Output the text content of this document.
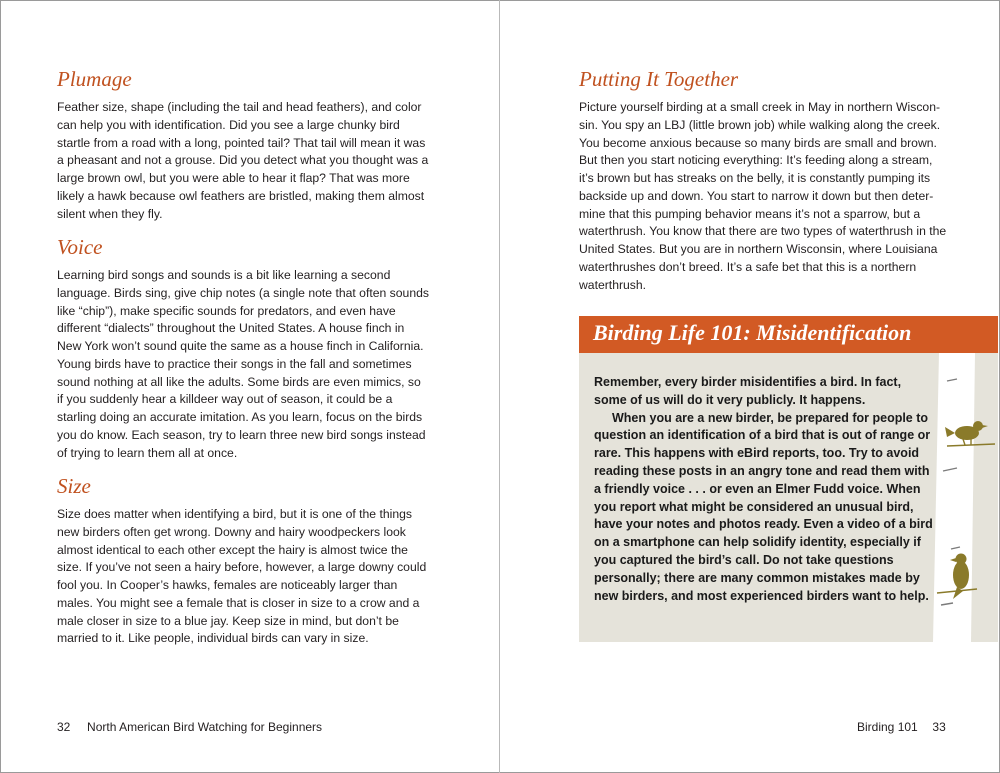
Plumage

Feather size, shape (including the tail and head feathers), and color can help you with identification. Did you see a large chunky bird startle from a road with a long, pointed tail? That tail will mean it was a pheasant and not a grouse. Did you detect what you thought was a large brown owl, but you were able to hear it flap? That was more likely a hawk because owl feathers are bristled, making them almost silent when they fly.

Voice

Learning bird songs and sounds is a bit like learning a second language. Birds sing, give chip notes (a single note that often sounds like “chip”), make specific sounds for predators, and even have different “dialects” throughout the United States. A house finch in New York won’t sound quite the same as a house finch in California. Young birds have to practice their songs in the fall and sometimes sound nothing at all like the adults. Some birds are even mimics, so if you suddenly hear a killdeer way out of season, it could be a starling doing an accurate imitation. As you learn, focus on the birds you do know. Each season, try to learn three new bird songs instead of trying to learn them all at once.

Size

Size does matter when identifying a bird, but it is one of the things new birders often get wrong. Downy and hairy woodpeckers look almost identical to each other except the hairy is almost twice the size. If you’ve not seen a hairy before, however, a large downy could fool you. In Cooper’s hawks, females are noticeably larger than males. You might see a female that is closer in size to a crow and a male closer in size to a blue jay. Keep size in mind, but don’t be married to it. Like people, individual birds can vary in size.

32 North American Bird Watching for Beginners
Putting It Together

Picture yourself birding at a small creek in May in northern Wiscon-sin. You spy an LBJ (little brown job) while walking along the creek. You become anxious because so many birds are small and brown. But then you start noticing everything: It’s feeding along a stream, it’s brown but has streaks on the belly, it is constantly pumping its backside up and down. You start to narrow it down but then deter-mine that this pumping behavior means it’s not a sparrow, but a waterthrush. You know that there are two types of waterthrush in the United States. But you are in northern Wisconsin, where Louisiana waterthrushes don’t breed. It’s a safe bet that this is a northern waterthrush.

Birding Life 101: Misidentification
Remember, every birder misidentifies a bird. In fact, some of us will do it very publicly. It happens.
When you are a new birder, be prepared for people to question an identification of a bird that is out of range or rare. This happens with eBird reports, too. Try to avoid reading these posts in an angry tone and read them with a friendly voice . . . or even an Elmer Fudd voice. When you report what might be considered an unusual bird, have your notes and photos ready. Even a video of a bird on a smartphone can help solidify identity, especially if you captured the bird’s call. Do not take questions personally; there are many common mistakes made by new birders, and most experienced birders want to help.
Birding 101 33
